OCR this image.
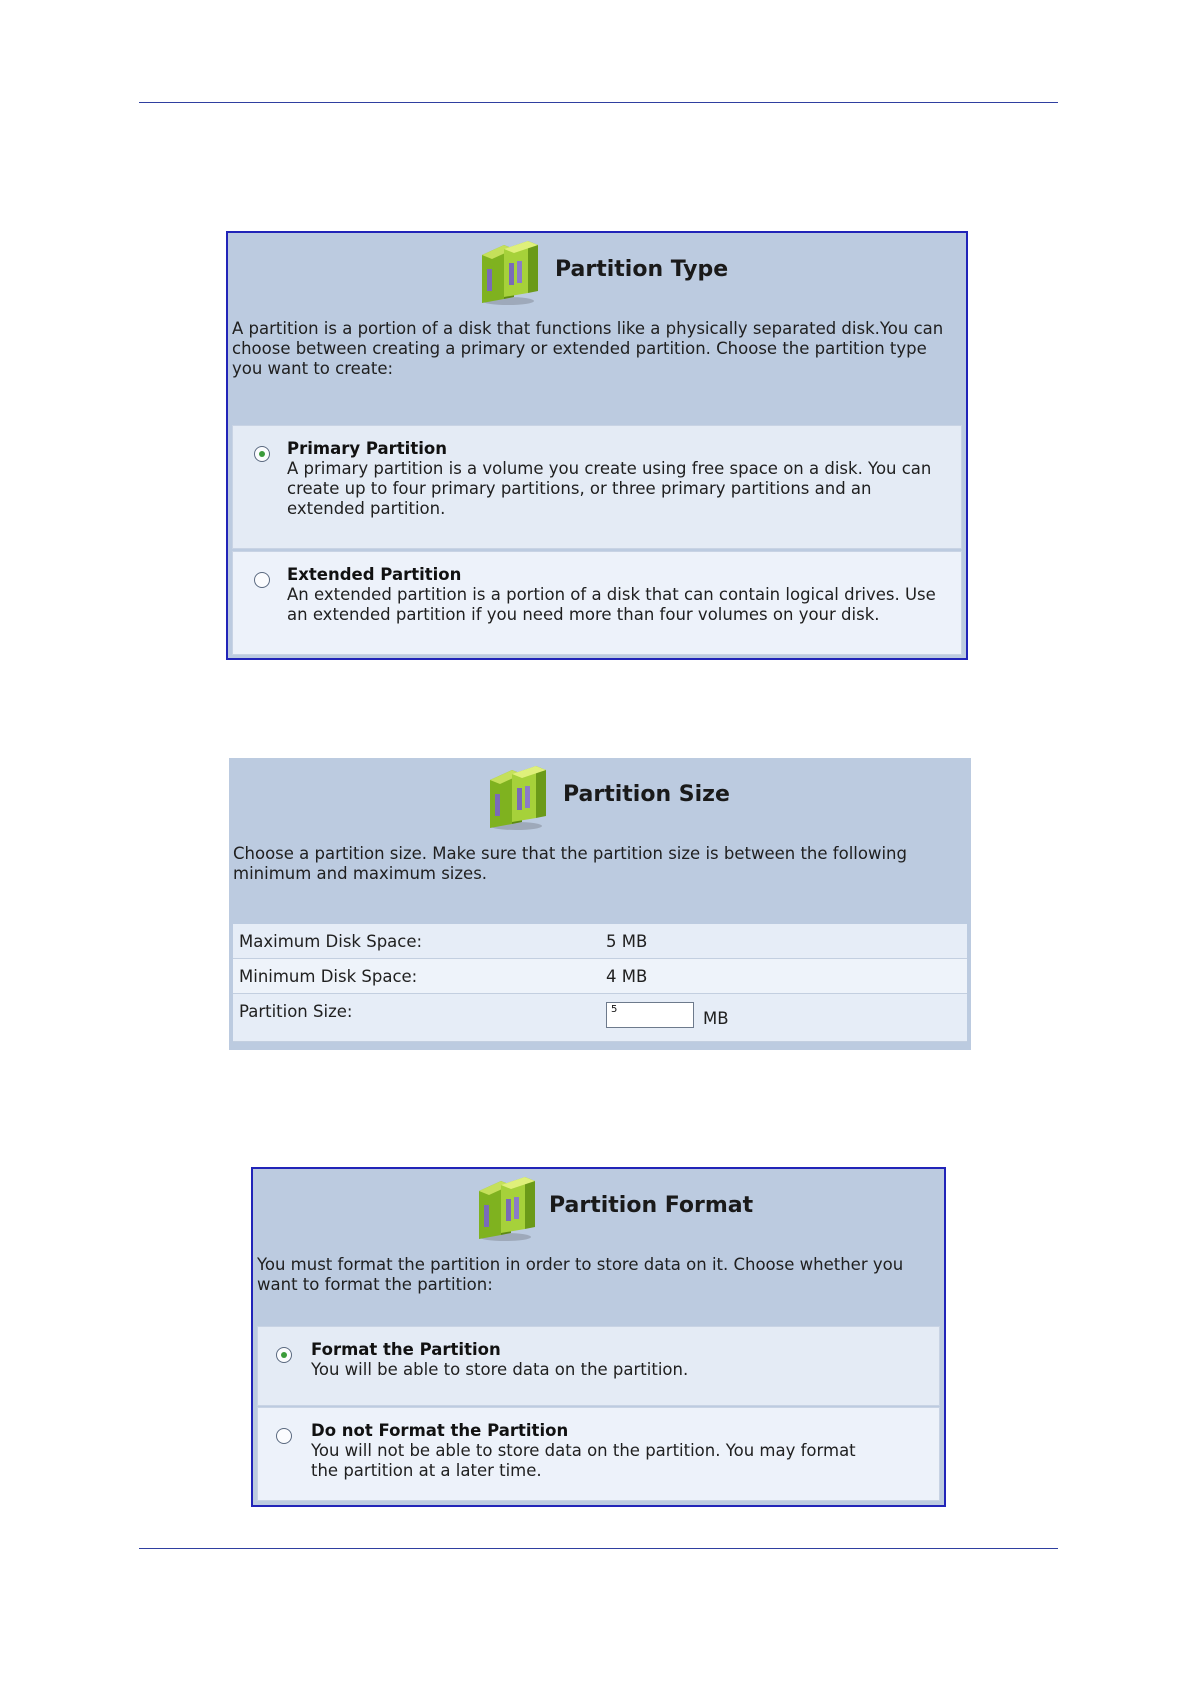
Partition Type
A partition is a portion of a disk that functions like a physically separated disk.You can choose between creating a primary or extended partition. Choose the partition type you want to create:
Primary Partition
A primary partition is a volume you create using free space on a disk. You can create up to four primary partitions, or three primary partitions and an extended partition.
Extended Partition
An extended partition is a portion of a disk that can contain logical drives. Use an extended partition if you need more than four volumes on your disk.
Partition Size
Choose a partition size. Make sure that the partition size is between the following minimum and maximum sizes.
Maximum Disk Space:	5 MB
Minimum Disk Space:	4 MB
Partition Size:	5	MB
Partition Format
You must format the partition in order to store data on it. Choose whether you want to format the partition:
Format the Partition
You will be able to store data on the partition.
Do not Format the Partition
You will not be able to store data on the partition. You may format the partition at a later time.
